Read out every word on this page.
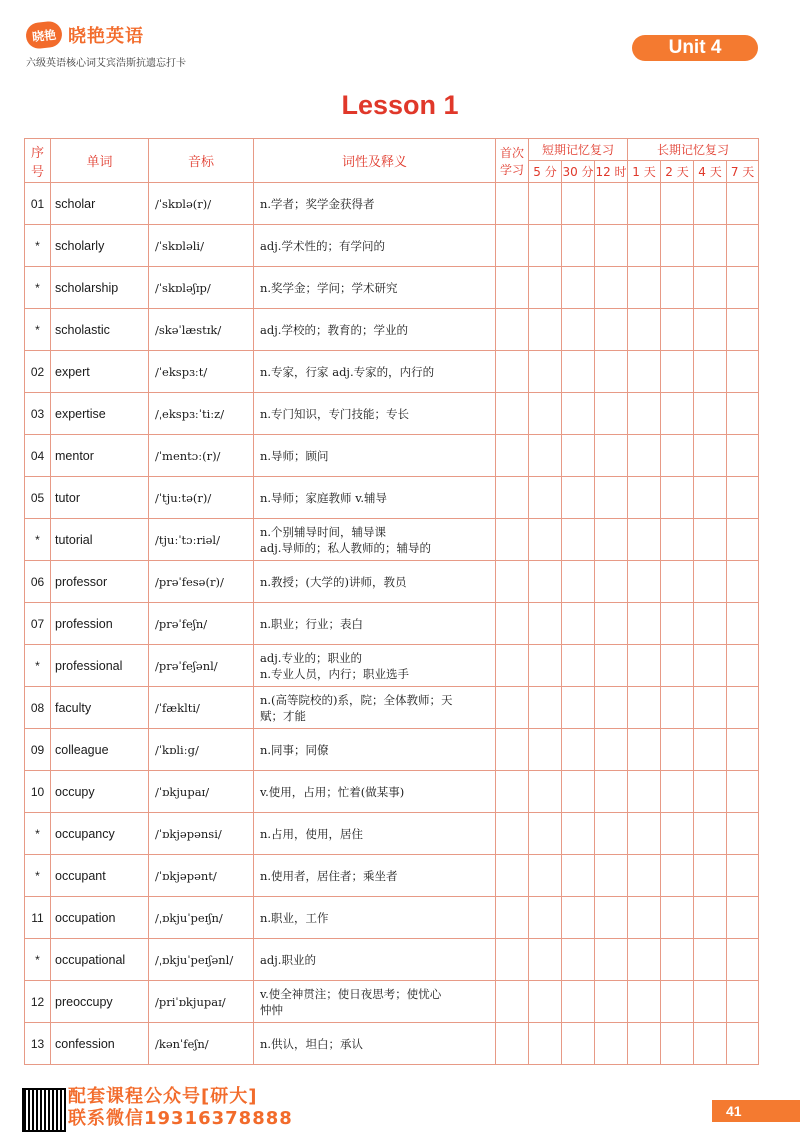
晓艳 晓艳英语
六级英语核心词艾宾浩斯抗遗忘打卡
Unit 4
Lesson 1
序
号	单词	音标	词性及释义	首次
学习	短期记忆复习			长期记忆复习			
					5 分	30 分	12 时	1 天	2 天	4 天	7 天
01	scholar	/ˈskɒlə(r)/	n.学者；奖学金获得者								

*	scholarly	/ˈskɒləli/	adj.学术性的；有学问的								

*	scholarship	/ˈskɒləʃɪp/	n.奖学金；学问；学术研究								

*	scholastic	/skəˈlæstɪk/	adj.学校的；教育的；学业的								

02	expert	/ˈekspɜːt/	n.专家，行家 adj.专家的，内行的								

03	expertise	/ˌekspɜːˈtiːz/	n.专门知识，专门技能；专长								

04	mentor	/ˈmentɔː(r)/	n.导师；顾问								

05	tutor	/ˈtjuːtə(r)/	n.导师；家庭教师 v.辅导								

*	tutorial	/tjuːˈtɔːriəl/	n.个别辅导时间，辅导课
adj.导师的；私人教师的；辅导的								

06	professor	/prəˈfesə(r)/	n.教授；(大学的)讲师，教员								

07	profession	/prəˈfeʃn/	n.职业；行业；表白								

*	professional	/prəˈfeʃənl/	adj.专业的；职业的
n.专业人员，内行；职业选手								

08	faculty	/ˈfæklti/	n.(高等院校的)系，院；全体教师；天
赋；才能								

09	colleague	/ˈkɒliːg/	n.同事；同僚								

10	occupy	/ˈɒkjupaɪ/	v.使用，占用；忙着(做某事)								

*	occupancy	/ˈɒkjəpənsi/	n.占用，使用，居住								

*	occupant	/ˈɒkjəpənt/	n.使用者，居住者；乘坐者								

11	occupation	/ˌɒkjuˈpeɪʃn/	n.职业，工作								

*	occupational	/ˌɒkjuˈpeɪʃənl/	adj.职业的								

12	preoccupy	/priˈɒkjupaɪ/	v.使全神贯注；使日夜思考；使忧心
忡忡								

13	confession	/kənˈfeʃn/	n.供认，坦白；承认								

配套课程公众号[研大]
联系微信19316378888	41
